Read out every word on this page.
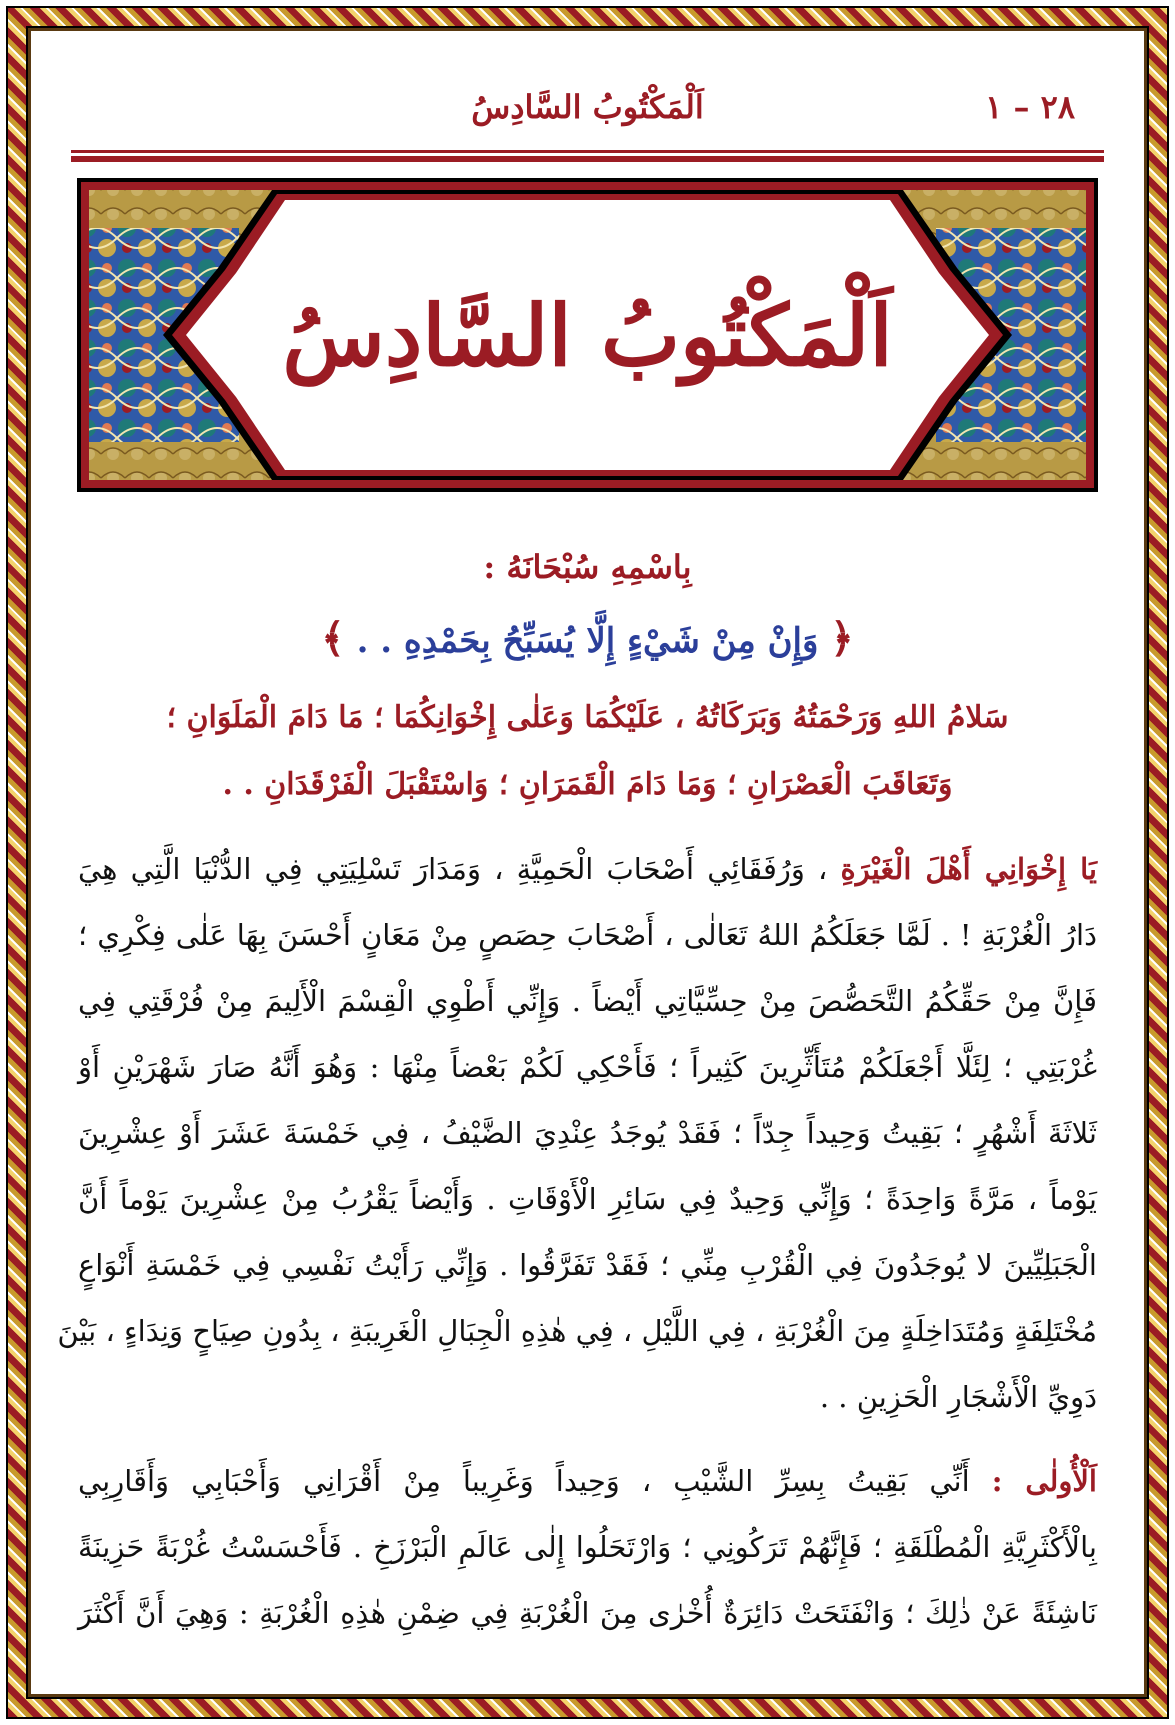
٢٨ – ١
اَلْمَكْتُوبُ السَّادِسُ
اَلْمَكْتُوبُ السَّادِسُ
بِاسْمِهِ سُبْحَانَهُ :
﴿ وَإِنْ مِنْ شَيْءٍ إِلَّا يُسَبِّحُ بِحَمْدِهِ . . ﴾
سَلامُ اللهِ وَرَحْمَتُهُ وَبَرَكَاتُهُ ، عَلَيْكُمَا وَعَلٰى إِخْوَانِكُمَا ؛ مَا دَامَ الْمَلَوَانِ ؛
وَتَعَاقَبَ الْعَصْرَانِ ؛ وَمَا دَامَ الْقَمَرَانِ ؛ وَاسْتَقْبَلَ الْفَرْقَدَانِ . .
يَا إِخْوَانِي أَهْلَ الْغَيْرَةِ ، وَرُفَقَائِي أَصْحَابَ الْحَمِيَّةِ ، وَمَدَارَ تَسْلِيَتِي فِي الدُّنْيَا الَّتِي هِيَ
دَارُ الْغُرْبَةِ ! . لَمَّا جَعَلَكُمُ اللهُ تَعَالٰى ، أَصْحَابَ حِصَصٍ مِنْ مَعَانٍ أَحْسَنَ بِهَا عَلٰى فِكْرِي ؛
فَإِنَّ مِنْ حَقِّكُمُ التَّحَصُّصَ مِنْ حِسِّيَّاتِي أَيْضاً . وَإِنِّي أَطْوِي الْقِسْمَ الْأَلِيمَ مِنْ فُرْقَتِي فِي
غُرْبَتِي ؛ لِئَلَّا أَجْعَلَكُمْ مُتَأَثِّرِينَ كَثِيراً ؛ فَأَحْكِي لَكُمْ بَعْضاً مِنْهَا : وَهُوَ أَنَّهُ صَارَ شَهْرَيْنِ أَوْ
ثَلاثَةَ أَشْهُرٍ ؛ بَقِيتُ وَحِيداً جِدّاً ؛ فَقَدْ يُوجَدُ عِنْدِيَ الضَّيْفُ ، فِي خَمْسَةَ عَشَرَ أَوْ عِشْرِينَ
يَوْماً ، مَرَّةً وَاحِدَةً ؛ وَإِنِّي وَحِيدٌ فِي سَائِرِ الْأَوْقَاتِ . وَأَيْضاً يَقْرُبُ مِنْ عِشْرِينَ يَوْماً أَنَّ
الْجَبَلِيِّينَ لا يُوجَدُونَ فِي الْقُرْبِ مِنِّي ؛ فَقَدْ تَفَرَّقُوا . وَإِنِّي رَأَيْتُ نَفْسِي فِي خَمْسَةِ أَنْوَاعٍ
مُخْتَلِفَةٍ وَمُتَدَاخِلَةٍ مِنَ الْغُرْبَةِ ، فِي اللَّيْلِ ، فِي هٰذِهِ الْجِبَالِ الْغَرِيبَةِ ، بِدُونِ صِيَاحٍ وَنِدَاءٍ ، بَيْنَ
دَوِيِّ الْأَشْجَارِ الْحَزِينِ . .
اَلْأُولٰى : أَنِّي بَقِيتُ بِسِرِّ الشَّيْبِ ، وَحِيداً وَغَرِيباً مِنْ أَقْرَانِي وَأَحْبَابِي وَأَقَارِبِي
بِالْأَكْثَرِيَّةِ الْمُطْلَقَةِ ؛ فَإِنَّهُمْ تَرَكُونِي ؛ وَارْتَحَلُوا إِلٰى عَالَمِ الْبَرْزَخِ . فَأَحْسَسْتُ غُرْبَةً حَزِينَةً
نَاشِئَةً عَنْ ذٰلِكَ ؛ وَانْفَتَحَتْ دَائِرَةٌ أُخْرٰى مِنَ الْغُرْبَةِ فِي ضِمْنِ هٰذِهِ الْغُرْبَةِ : وَهِيَ أَنَّ أَكْثَرَ
